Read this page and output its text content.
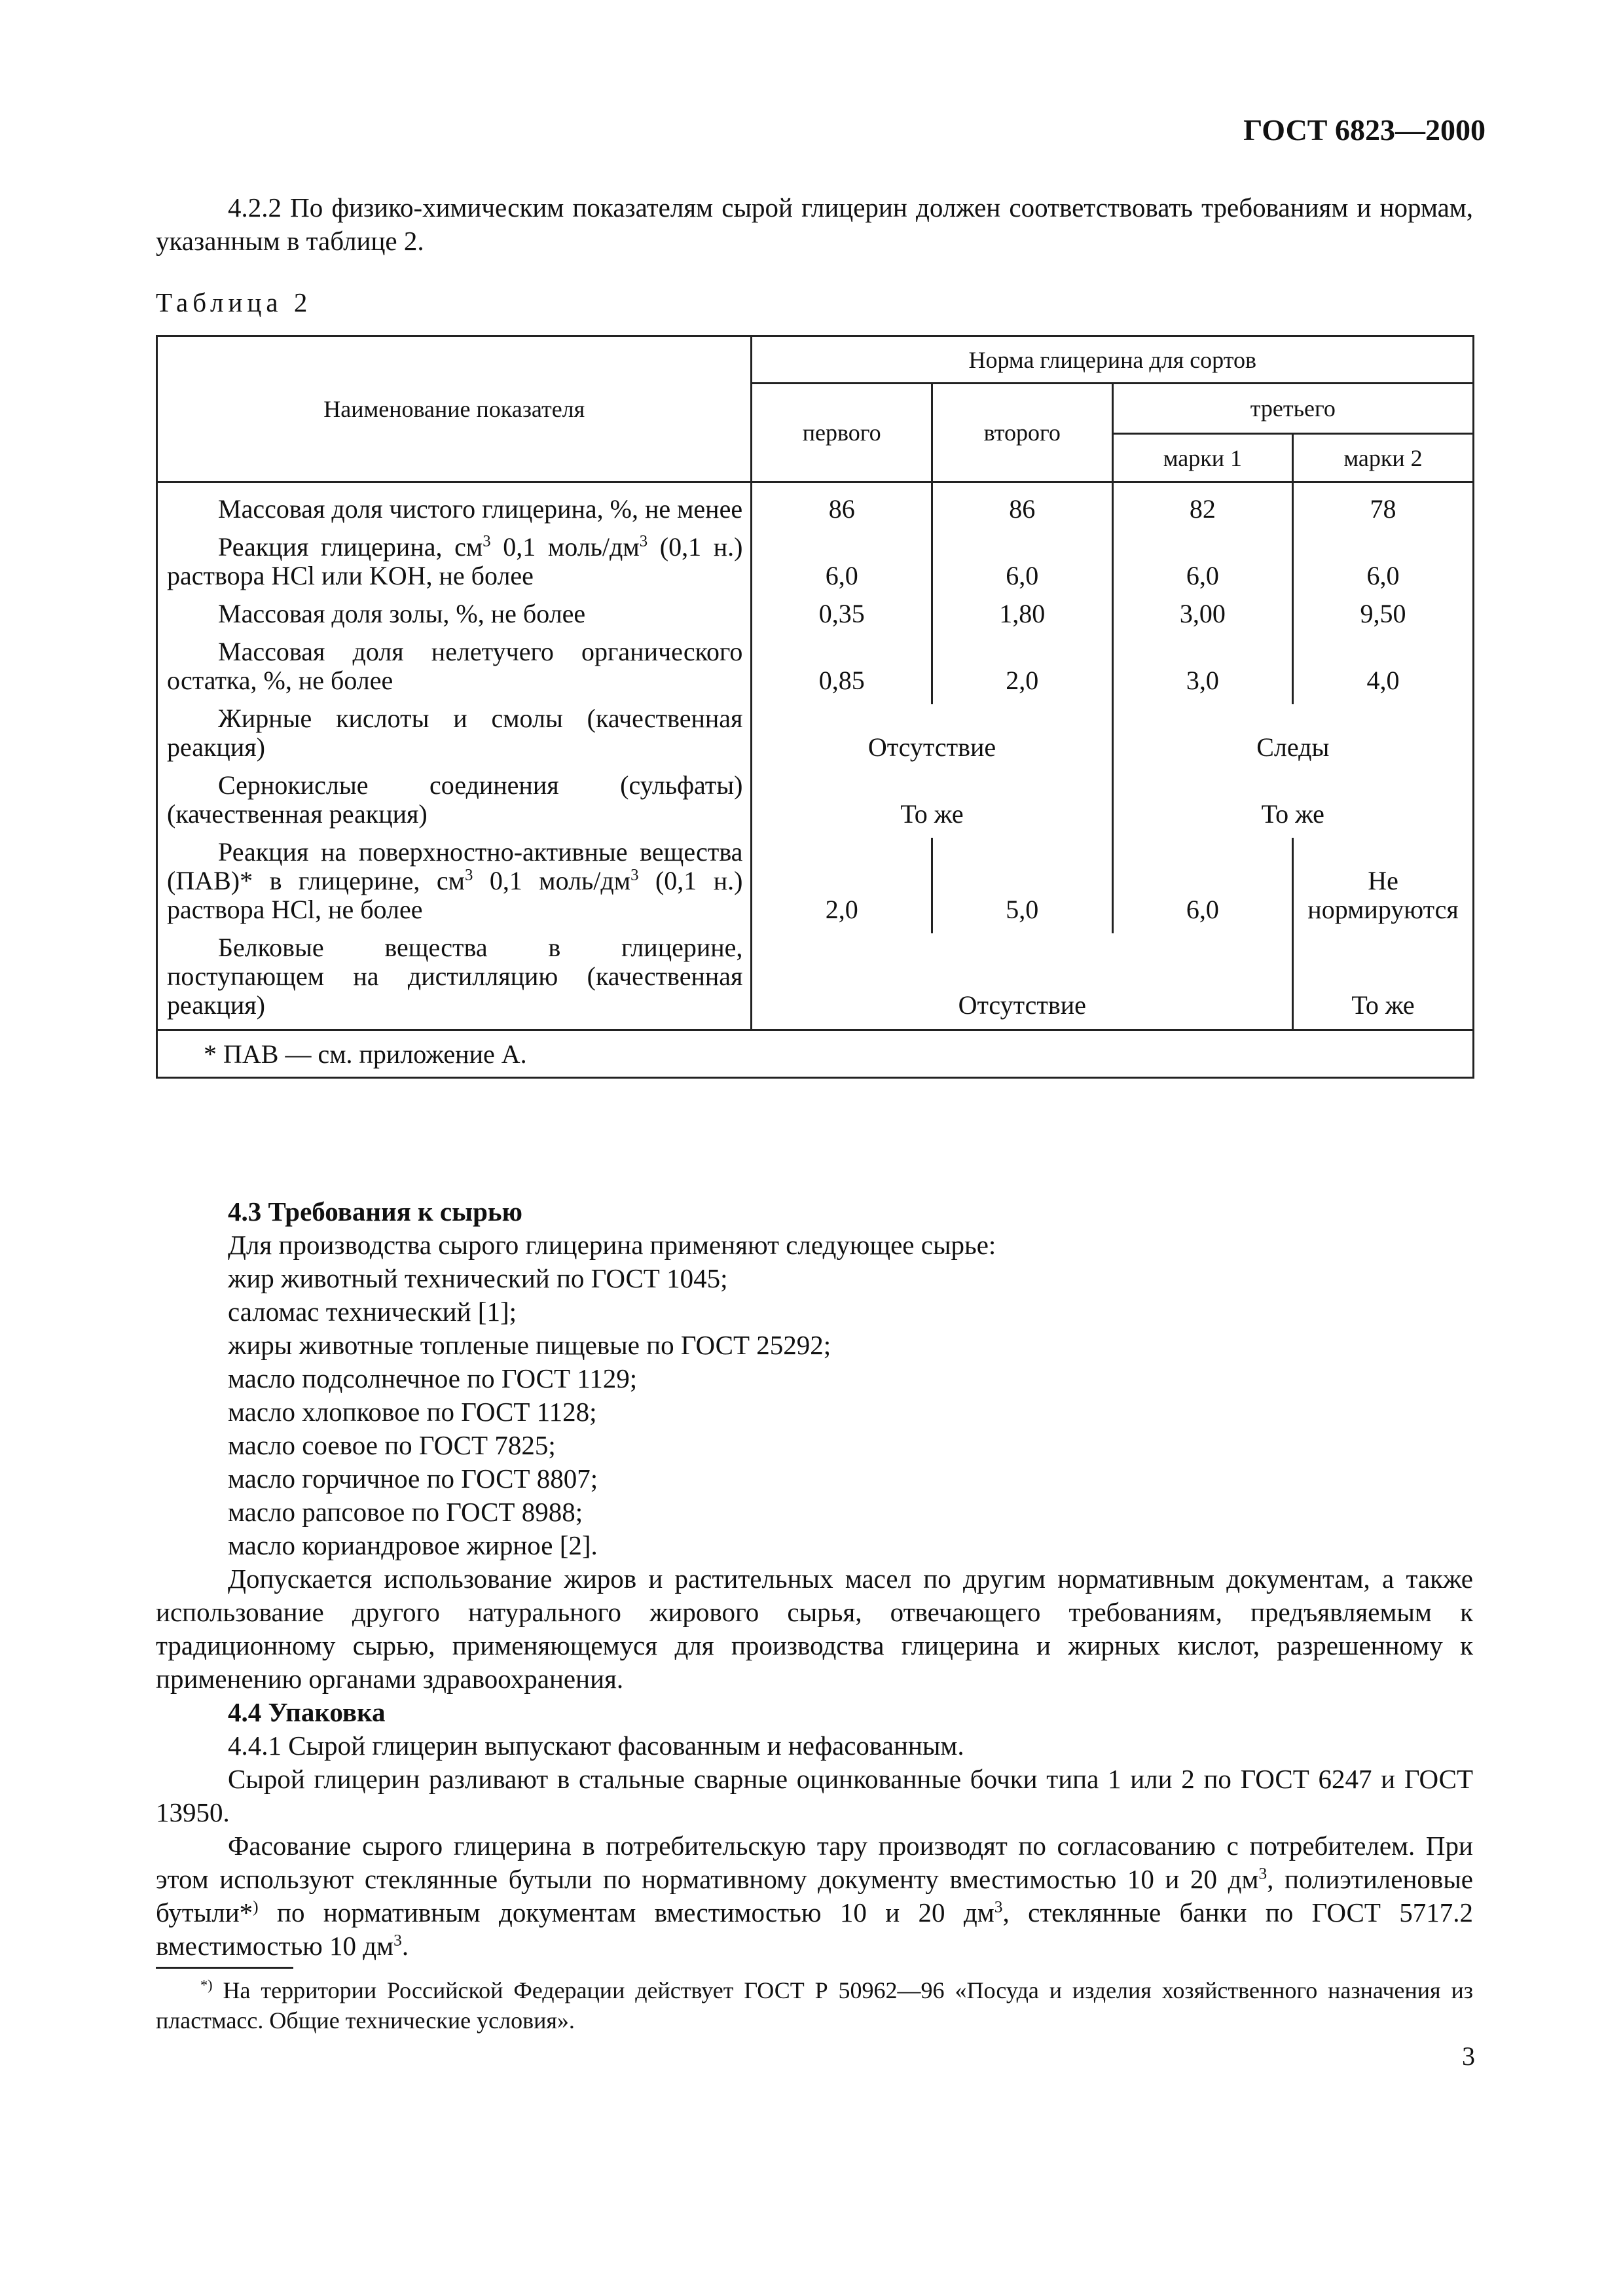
ГОСТ 6823—2000

4.2.2 По физико-химическим показателям сырой глицерин должен соответствовать требованиям и нормам, указанным в таблице 2.

Таблица 2
Наименование показателя	Норма глицерина для сортов			
	первого	второго	третьего	
			марки 1	марки 2
Массовая доля чистого глицерина, %, не менее	86	86	82	78
Реакция глицерина, $см^3$ 0,1 моль/$дм^3$ (0,1 н.) раствора HCl или KOH, не более	6,0	6,0	6,0	6,0
Массовая доля золы, %, не более	0,35	1,80	3,00	9,50
Массовая доля нелетучего органического остатка, %, не более	0,85	2,0	3,0	4,0
Жирные кислоты и смолы (качественная реакция)	Отсутствие		Следы	
Сернокислые соединения (сульфаты) (качественная реакция)	То же		То же	
Реакция на поверхностно-активные вещества (ПАВ)* в глицерине, $см^3$ 0,1 моль/$дм^3$ (0,1 н.) раствора HCl, не более	2,0	5,0	6,0	Не
нормируются
Белковые вещества в глицерине, поступающем на дистилляцию (качественная реакция)	Отсутствие			То же
* ПАВ — см. приложение А.				

4.3 Требования к сырью

Для производства сырого глицерина применяют следующее сырье:

жир животный технический по ГОСТ 1045;

саломас технический [1];

жиры животные топленые пищевые по ГОСТ 25292;

масло подсолнечное по ГОСТ 1129;

масло хлопковое по ГОСТ 1128;

масло соевое по ГОСТ 7825;

масло горчичное по ГОСТ 8807;

масло рапсовое по ГОСТ 8988;

масло кориандровое жирное [2].

Допускается использование жиров и растительных масел по другим нормативным документам, а также использование другого натурального жирового сырья, отвечающего требованиям, предъявляемым к традиционному сырью, применяющемуся для производства глицерина и жирных кислот, разрешенному к применению органами здравоохранения.

4.4 Упаковка

4.4.1 Сырой глицерин выпускают фасованным и нефасованным.

Сырой глицерин разливают в стальные сварные оцинкованные бочки типа 1 или 2 по ГОСТ 6247 и ГОСТ 13950.

Фасование сырого глицерина в потребительскую тару производят по согласованию с потребителем. При этом используют стеклянные бутыли по нормативному документу вместимостью 10 и 20 $дм^3$, полиэтиленовые бутыли*) по нормативным документам вместимостью 10 и 20 $дм^3$, стеклянные банки по ГОСТ 5717.2 вместимостью 10 $дм^3$.

*) На территории Российской Федерации действует ГОСТ Р 50962—96 «Посуда и изделия хозяйственного назначения из пластмасс. Общие технические условия».

3
